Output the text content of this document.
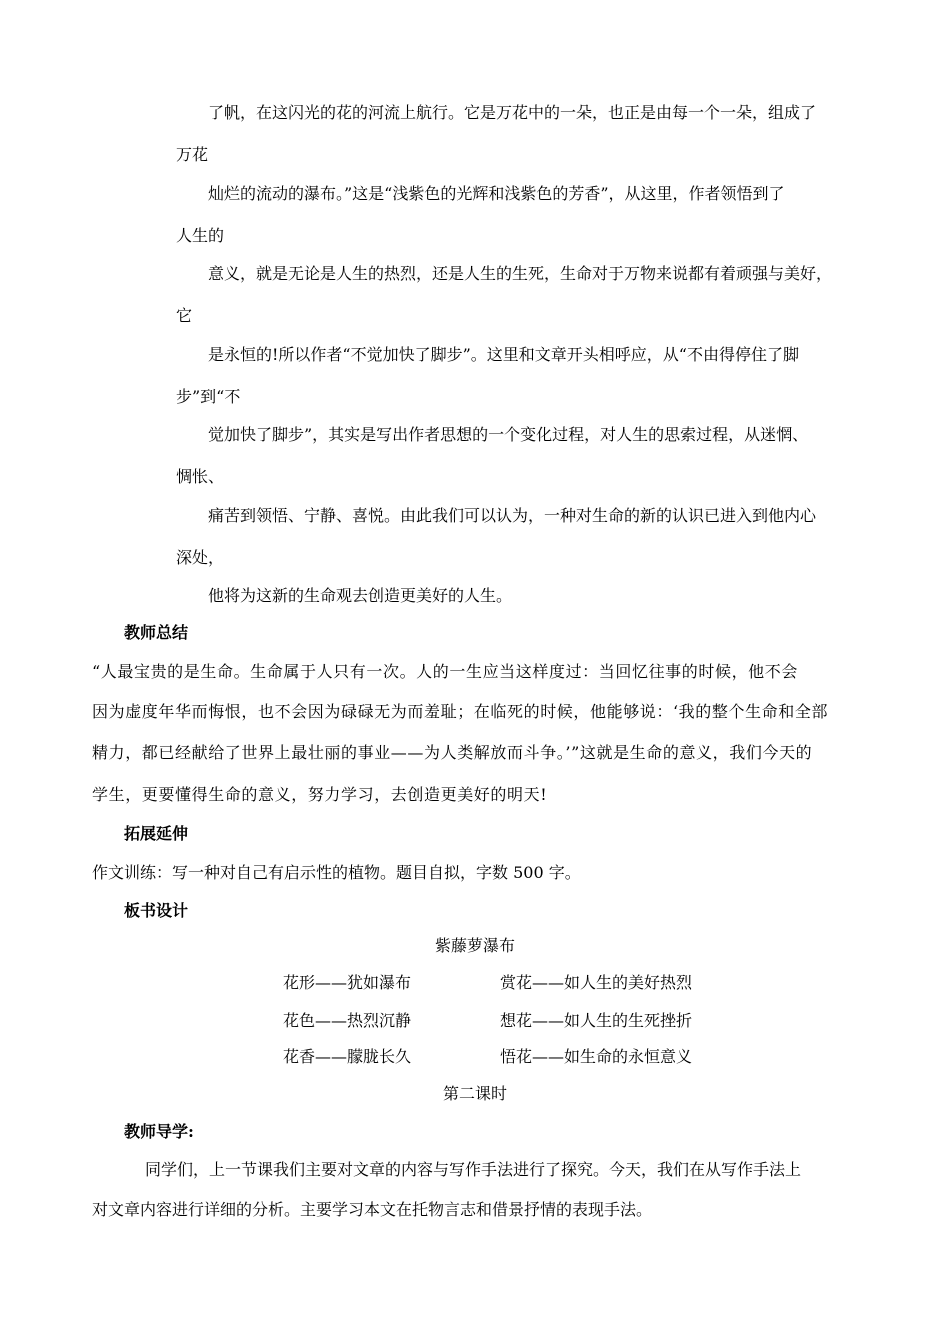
了帆，在这闪光的花的河流上航行。它是万花中的一朵，也正是由每一个一朵，组成了
万花
灿烂的流动的瀑布。”这是“浅紫色的光辉和浅紫色的芳香”，从这里，作者领悟到了
人生的
意义，就是无论是人生的热烈，还是人生的生死，生命对于万物来说都有着顽强与美好，
它
是永恒的!所以作者“不觉加快了脚步”。这里和文章开头相呼应，从“不由得停住了脚
步”到“不
觉加快了脚步”，其实是写出作者思想的一个变化过程，对人生的思索过程，从迷惘、
惆怅、
痛苦到领悟、宁静、喜悦。由此我们可以认为，一种对生命的新的认识已进入到他内心
深处，
他将为这新的生命观去创造更美好的人生。
教师总结
“人最宝贵的是生命。生命属于人只有一次。人的一生应当这样度过：当回忆往事的时候，他不会
因为虚度年华而悔恨，也不会因为碌碌无为而羞耻；在临死的时候，他能够说：‘我的整个生命和全部
精力，都已经献给了世界上最壮丽的事业——为人类解放而斗争。’”这就是生命的意义，我们今天的
学生，更要懂得生命的意义，努力学习，去创造更美好的明天!
拓展延伸
作文训练：写一种对自己有启示性的植物。题目自拟，字数 500 字。
板书设计
紫藤萝瀑布
花形——犹如瀑布	赏花——如人生的美好热烈
花色——热烈沉静	想花——如人生的生死挫折
花香——朦胧长久	悟花——如生命的永恒意义
第二课时
教师导学:
同学们，上一节课我们主要对文章的内容与写作手法进行了探究。今天，我们在从写作手法上
对文章内容进行详细的分析。主要学习本文在托物言志和借景抒情的表现手法。
